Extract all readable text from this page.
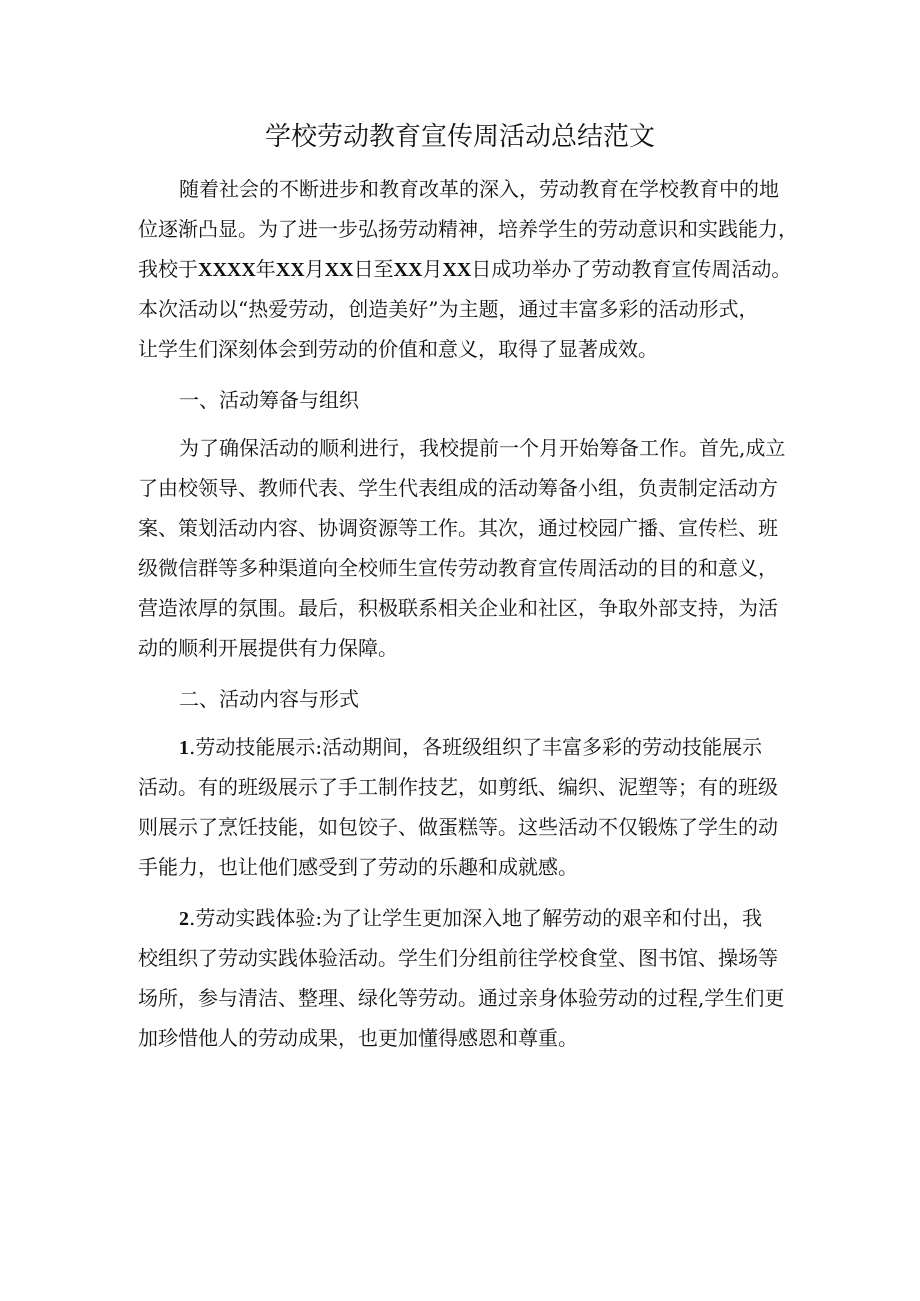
学校劳动教育宣传周活动总结范文
随着社会的不断进步和教育改革的深入，劳动教育在学校教育中的地
位逐渐凸显。为了进一步弘扬劳动精神，培养学生的劳动意识和实践能力，
我校于XXXX年XX月XX日至XX月XX日成功举办了劳动教育宣传周活动。
本次活动以“热爱劳动，创造美好”为主题，通过丰富多彩的活动形式，
让学生们深刻体会到劳动的价值和意义，取得了显著成效。
一、活动筹备与组织
为了确保活动的顺利进行，我校提前一个月开始筹备工作。首先,成立
了由校领导、教师代表、学生代表组成的活动筹备小组，负责制定活动方
案、策划活动内容、协调资源等工作。其次，通过校园广播、宣传栏、班
级微信群等多种渠道向全校师生宣传劳动教育宣传周活动的目的和意义，
营造浓厚的氛围。最后，积极联系相关企业和社区，争取外部支持，为活
动的顺利开展提供有力保障。
二、活动内容与形式
1.劳动技能展示:活动期间，各班级组织了丰富多彩的劳动技能展示
活动。有的班级展示了手工制作技艺，如剪纸、编织、泥塑等；有的班级
则展示了烹饪技能，如包饺子、做蛋糕等。这些活动不仅锻炼了学生的动
手能力，也让他们感受到了劳动的乐趣和成就感。
2.劳动实践体验:为了让学生更加深入地了解劳动的艰辛和付出，我
校组织了劳动实践体验活动。学生们分组前往学校食堂、图书馆、操场等
场所，参与清洁、整理、绿化等劳动。通过亲身体验劳动的过程,学生们更
加珍惜他人的劳动成果，也更加懂得感恩和尊重。
